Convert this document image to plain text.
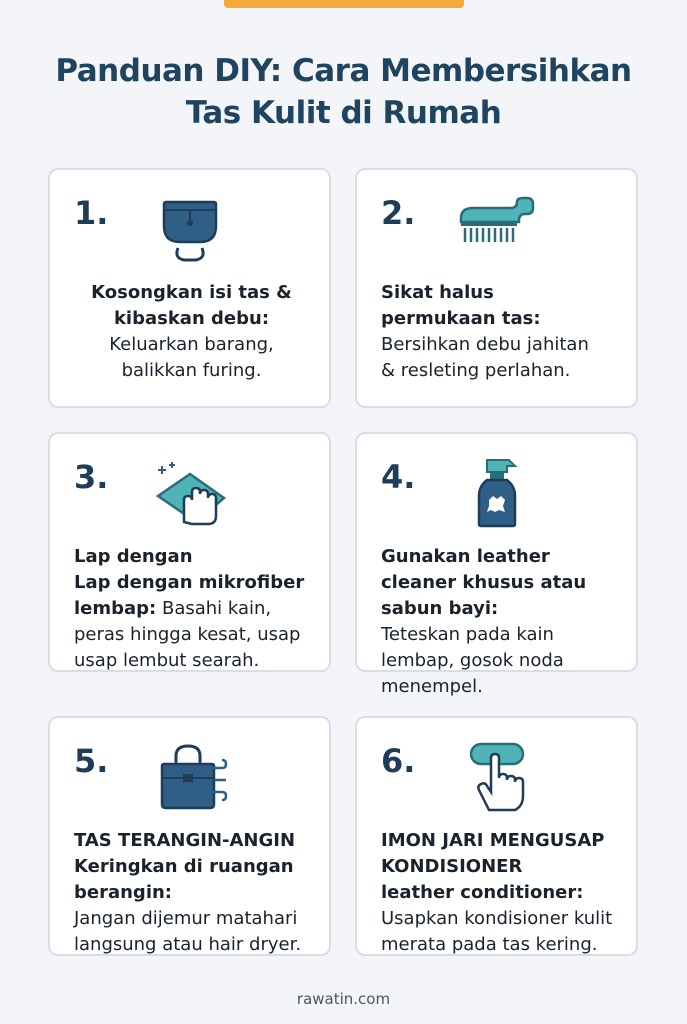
Panduan DIY: Cara Membersihkan
Tas Kulit di Rumah
1.
Kosongkan isi tas &
kibaskan debu:
Keluarkan barang,
balikkan furing.
2.
Sikat halus
permukaan tas:
Bersihkan debu jahitan
& resleting perlahan.
3.
Lap dengan
Lap dengan mikrofiber
lembap: Basahi kain,
peras hingga kesat, usap
usap lembut searah.
4.
Gunakan leather
cleaner khusus atau
sabun bayi:
Teteskan pada kain
lembap, gosok noda
menempel.
5.
TAS TERANGIN-ANGIN
Keringkan di ruangan
berangin:
Jangan dijemur matahari
langsung atau hair dryer.
6.
IMON JARI MENGUSAP
KONDISIONER
leather conditioner:
Usapkan kondisioner kulit
merata pada tas kering.
rawatin.com
